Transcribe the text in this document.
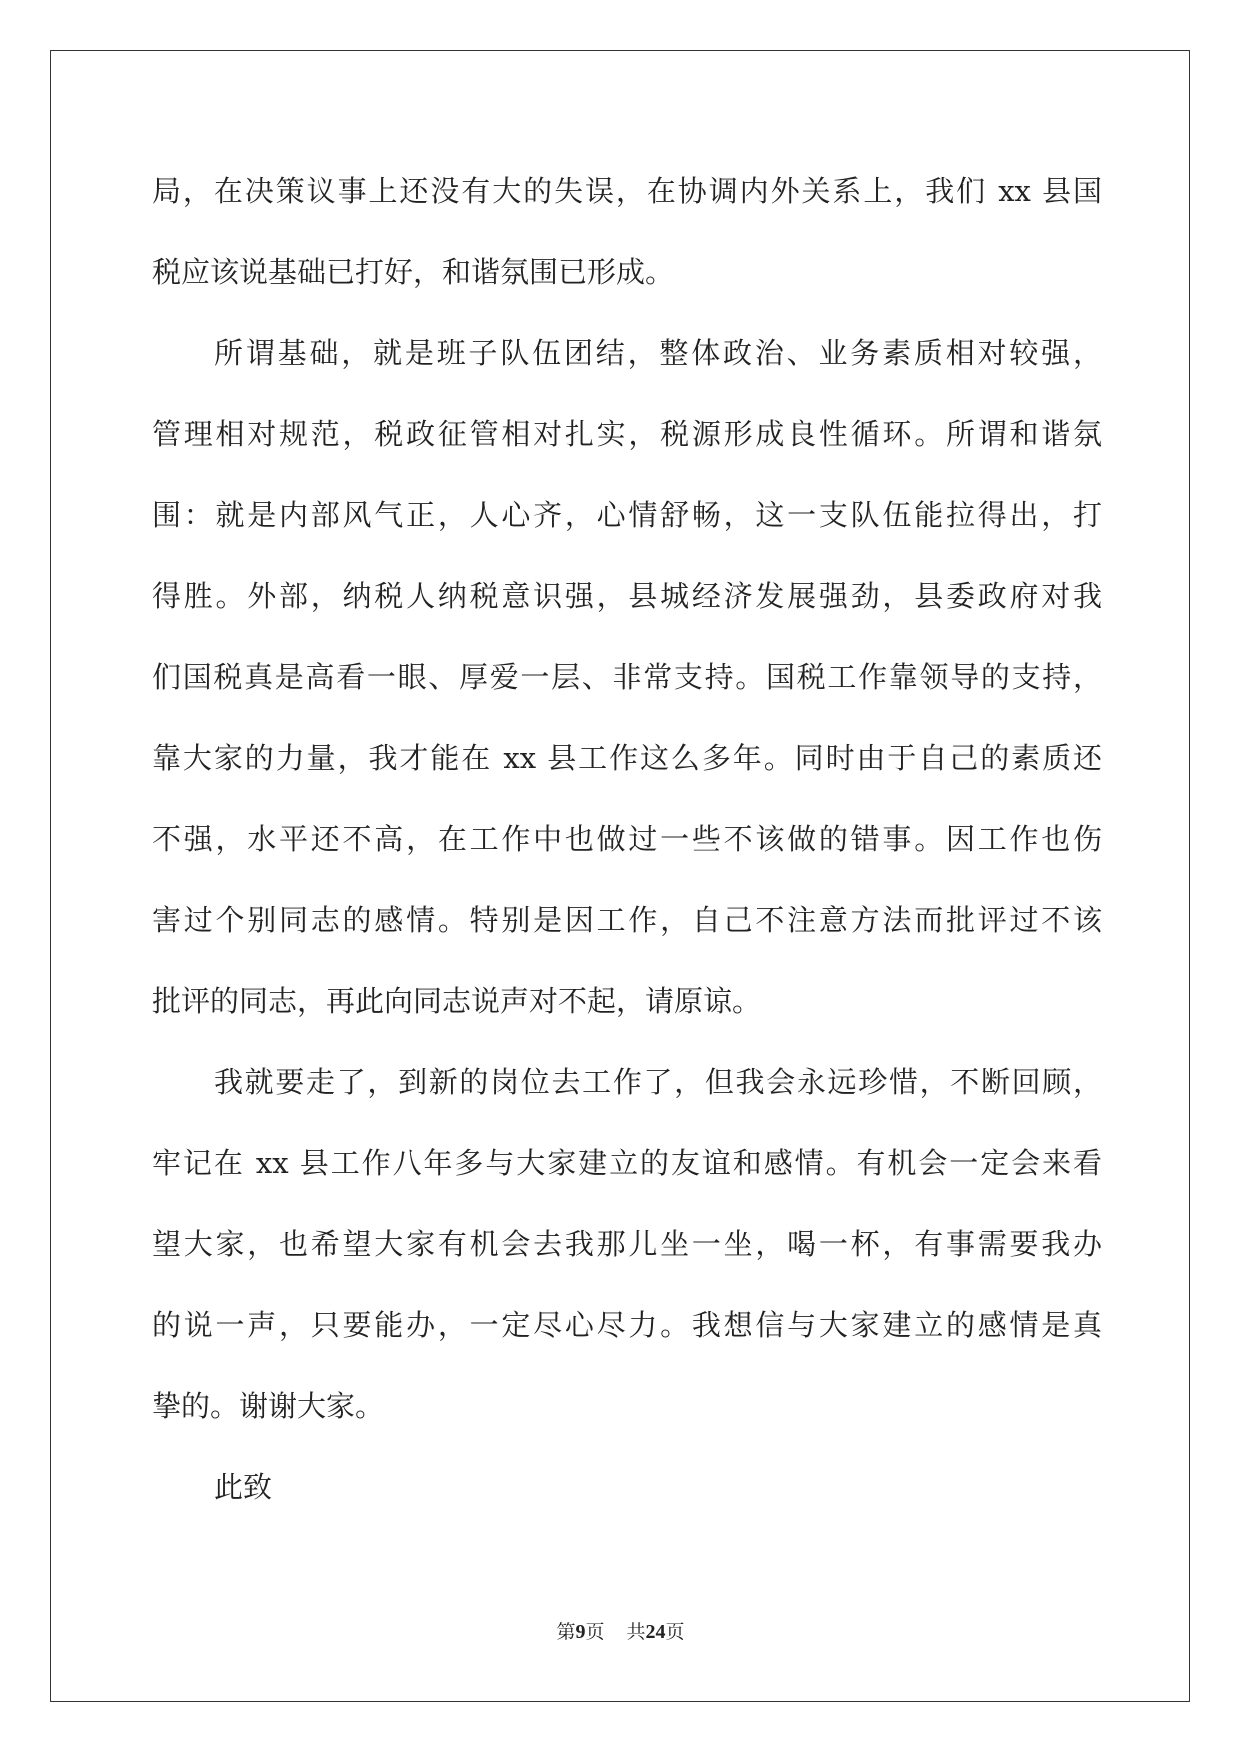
局，在决策议事上还没有大的失误，在协调内外关系上，我们 xx 县国
税应该说基础已打好，和谐氛围已形成。
所谓基础，就是班子队伍团结，整体政治、业务素质相对较强，
管理相对规范，税政征管相对扎实，税源形成良性循环。所谓和谐氛
围：就是内部风气正，人心齐，心情舒畅，这一支队伍能拉得出，打
得胜。外部，纳税人纳税意识强，县城经济发展强劲，县委政府对我
们国税真是高看一眼、厚爱一层、非常支持。国税工作靠领导的支持，
靠大家的力量，我才能在 xx 县工作这么多年。同时由于自己的素质还
不强，水平还不高，在工作中也做过一些不该做的错事。因工作也伤
害过个别同志的感情。特别是因工作，自己不注意方法而批评过不该
批评的同志，再此向同志说声对不起，请原谅。
我就要走了，到新的岗位去工作了，但我会永远珍惜，不断回顾，
牢记在 xx 县工作八年多与大家建立的友谊和感情。有机会一定会来看
望大家，也希望大家有机会去我那儿坐一坐，喝一杯，有事需要我办
的说一声，只要能办，一定尽心尽力。我想信与大家建立的感情是真
挚的。谢谢大家。
此致
第9页 共24页
